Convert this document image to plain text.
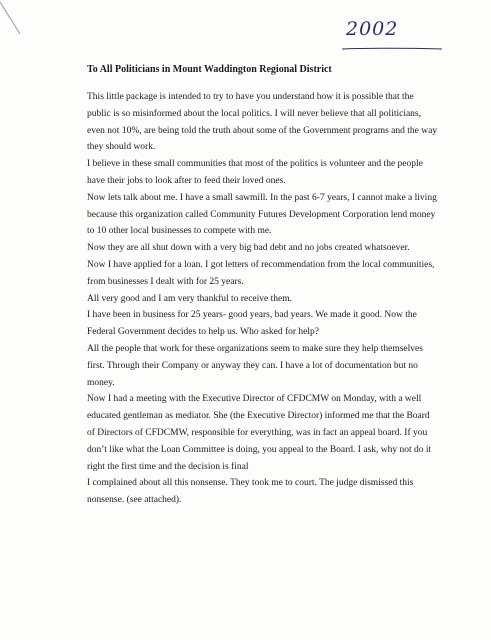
2002
To All Politicians in Mount Waddington Regional District

This little package is intended to try to have you understand how it is possible that the public is so misinformed about the local politics. I will never believe that all politicians, even not 10%, are being told the truth about some of the Government programs and the way they should work.

I believe in these small communities that most of the politics is volunteer and the people have their jobs to look after to feed their loved ones.

Now lets talk about me. I have a small sawmill. In the past 6-7 years, I cannot make a living because this organization called Community Futures Development Corporation lend money to 10 other local businesses to compete with me.

Now they are all shut down with a very big bad debt and no jobs created whatsoever.

Now I have applied for a loan. I got letters of recommendation from the local communities, from businesses I dealt with for 25 years.

All very good and I am very thankful to receive them.

I have been in business for 25 years- good years, bad years. We made it good. Now the Federal Government decides to help us. Who asked for help?

All the people that work for these organizations seem to make sure they help themselves first. Through their Company or anyway they can. I have a lot of documentation but no money.

Now I had a meeting with the Executive Director of CFDCMW on Monday, with a well educated gentleman as mediator. She (the Executive Director) informed me that the Board of Directors of CFDCMW, responsible for everything, was in fact an appeal board. If you don’t like what the Loan Committee is doing, you appeal to the Board. I ask, why not do it right the first time and the decision is final

I complained about all this nonsense. They took me to court. The judge dismissed this nonsense. (see attached).
